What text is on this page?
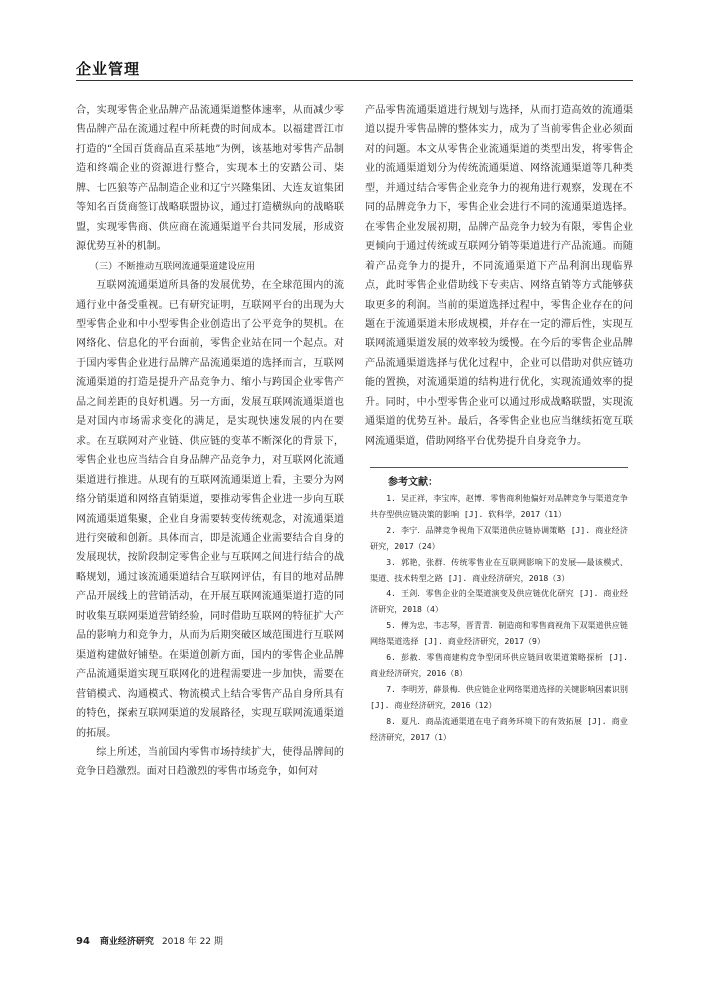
企业管理

合，实现零售企业品牌产品流通渠道整体速率，从而减少零售品牌产品在流通过程中所耗费的时间成本。以福建晋江市打造的“全国百货商品直采基地”为例，该基地对零售产品制造和终端企业的资源进行整合，实现本土的安踏公司、柒牌、七匹狼等产品制造企业和辽宁兴隆集团、大连友谊集团等知名百货商签订战略联盟协议，通过打造横纵向的战略联盟，实现零售商、供应商在流通渠道平台共同发展，形成资源优势互补的机制。

（三）不断推动互联网流通渠道建设应用

互联网流通渠道所具备的发展优势，在全球范围内的流通行业中备受重视。已有研究证明，互联网平台的出现为大型零售企业和中小型零售企业创造出了公平竞争的契机。在网络化、信息化的平台面前，零售企业站在同一个起点。对于国内零售企业进行品牌产品流通渠道的选择而言，互联网流通渠道的打造是提升产品竞争力、缩小与跨国企业零售产品之间差距的良好机遇。另一方面，发展互联网流通渠道也是对国内市场需求变化的满足，是实现快速发展的内在要求。在互联网对产业链、供应链的变革不断深化的背景下，零售企业也应当结合自身品牌产品竞争力，对互联网化流通渠道进行推进。从现有的互联网流通渠道上看，主要分为网络分销渠道和网络直销渠道，要推动零售企业进一步向互联网流通渠道集聚，企业自身需要转变传统观念，对流通渠道进行突破和创新。具体而言，即是流通企业需要结合自身的发展现状，按阶段制定零售企业与互联网之间进行结合的战略规划，通过该流通渠道结合互联网评估，有目的地对品牌产品开展线上的营销活动，在开展互联网流通渠道打造的同时收集互联网渠道营销经验，同时借助互联网的特征扩大产品的影响力和竞争力，从而为后期突破区域范围进行互联网渠道构建做好铺垫。在渠道创新方面，国内的零售企业品牌产品流通渠道实现互联网化的进程需要进一步加快，需要在营销模式、沟通模式、物流模式上结合零售产品自身所具有的特色，探索互联网渠道的发展路径，实现互联网流通渠道的拓展。

综上所述，当前国内零售市场持续扩大，使得品牌间的竞争日趋激烈。面对日趋激烈的零售市场竞争，如何对

产品零售流通渠道进行规划与选择，从而打造高效的流通渠道以提升零售品牌的整体实力，成为了当前零售企业必须面对的问题。本文从零售企业流通渠道的类型出发，将零售企业的流通渠道划分为传统流通渠道、网络流通渠道等几种类型，并通过结合零售企业竞争力的视角进行观察，发现在不同的品牌竞争力下，零售企业会进行不同的流通渠道选择。在零售企业发展初期，品牌产品竞争力较为有限，零售企业更倾向于通过传统或互联网分销等渠道进行产品流通。而随着产品竞争力的提升，不同流通渠道下产品利润出现临界点，此时零售企业借助线下专卖店、网络直销等方式能够获取更多的利润。当前的渠道选择过程中，零售企业存在的问题在于流通渠道未形成规模，并存在一定的滞后性，实现互联网流通渠道发展的效率较为缓慢。在今后的零售企业品牌产品流通渠道选择与优化过程中，企业可以借助对供应链功能的置换，对流通渠道的结构进行优化，实现流通效率的提升。同时，中小型零售企业可以通过形成战略联盟，实现流通渠道的优势互补。最后，各零售企业也应当继续拓宽互联网流通渠道，借助网络平台优势提升自身竞争力。

参考文献：
1. 吴正祥，李宝库，赵博．零售商利他偏好对品牌竞争与渠道竞争共存型供应链决策的影响 [J]. 软科学，2017（11）
2. 李宁．品牌竞争视角下双渠道供应链协调策略 [J]. 商业经济研究，2017（24）
3. 郭艳，张群．传统零售业在互联网影响下的发展——最该模式、渠道、技术转型之路 [J]. 商业经济研究，2018（3）
4. 王剑．零售企业的全渠道演变及供应链优化研究 [J]. 商业经济研究，2018（4）
5. 傅为忠，韦志琴，晋青青．制造商和零售商视角下双渠道供应链网络渠道选择 [J]. 商业经济研究，2017（9）
6. 彭赦．零售商建构竞争型闭环供应链回收渠道策略探析 [J]. 商业经济研究，2016（8）
7. 李明芳，薛景梅．供应链企业网络渠道选择的关键影响因素识别 [J]. 商业经济研究，2016（12）
8. 夏凡．商品流通渠道在电子商务环境下的有效拓展 [J]. 商业经济研究，2017（1）
94 商业经济研究 2018 年 22 期
